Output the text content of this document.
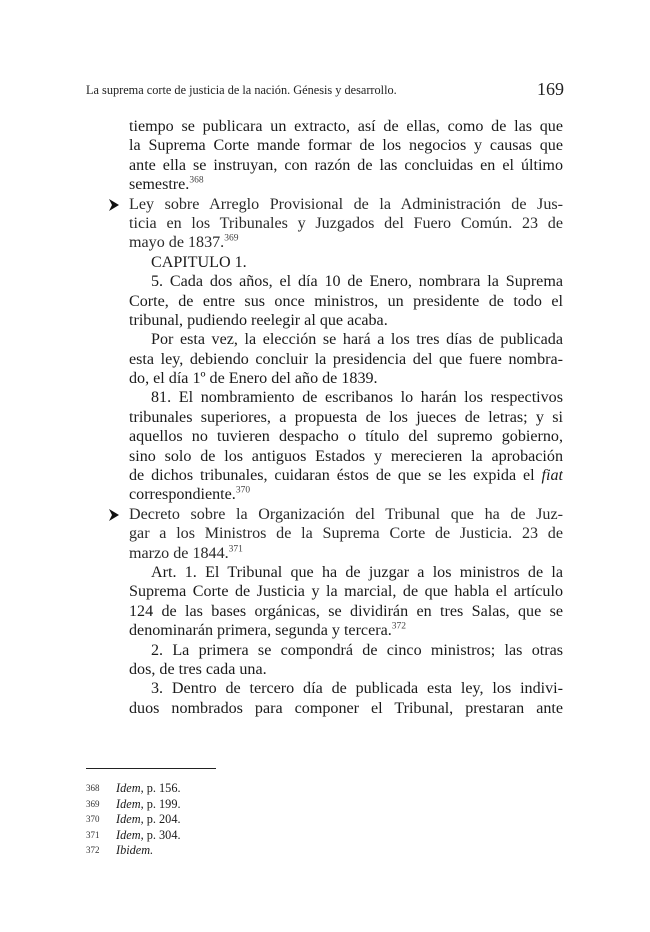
La suprema corte de justicia de la nación. Génesis y desarrollo.	169
tiempo se publicara un extracto, así de ellas, como de las que
la Suprema Corte mande formar de los negocios y causas que
ante ella se instruyan, con razón de las concluidas en el último
semestre.$^{368}$
Ley sobre Arreglo Provisional de la Administración de Jus-
ticia en los Tribunales y Juzgados del Fuero Común. 23 de
mayo de 1837.$^{369}$
CAPITULO 1.
5. Cada dos años, el día 10 de Enero, nombrara la Suprema
Corte, de entre sus once ministros, un presidente de todo el
tribunal, pudiendo reelegir al que acaba.
Por esta vez, la elección se hará a los tres días de publicada
esta ley, debiendo concluir la presidencia del que fuere nombra-
do, el día 1º de Enero del año de 1839.
81. El nombramiento de escribanos lo harán los respectivos
tribunales superiores, a propuesta de los jueces de letras; y si
aquellos no tuvieren despacho o título del supremo gobierno,
sino solo de los antiguos Estados y merecieren la aprobación
de dichos tribunales, cuidaran éstos de que se les expida el fiat
correspondiente.$^{370}$
Decreto sobre la Organización del Tribunal que ha de Juz-
gar a los Ministros de la Suprema Corte de Justicia. 23 de
marzo de 1844.$^{371}$
Art. 1. El Tribunal que ha de juzgar a los ministros de la
Suprema Corte de Justicia y la marcial, de que habla el artículo
124 de las bases orgánicas, se dividirán en tres Salas, que se
denominarán primera, segunda y tercera.$^{372}$
2. La primera se compondrá de cinco ministros; las otras
dos, de tres cada una.
3. Dentro de tercero día de publicada esta ley, los indivi-
duos nombrados para componer el Tribunal, prestaran ante
368 Idem, p. 156.
369 Idem, p. 199.
370 Idem, p. 204.
371 Idem, p. 304.
372 Ibidem.
